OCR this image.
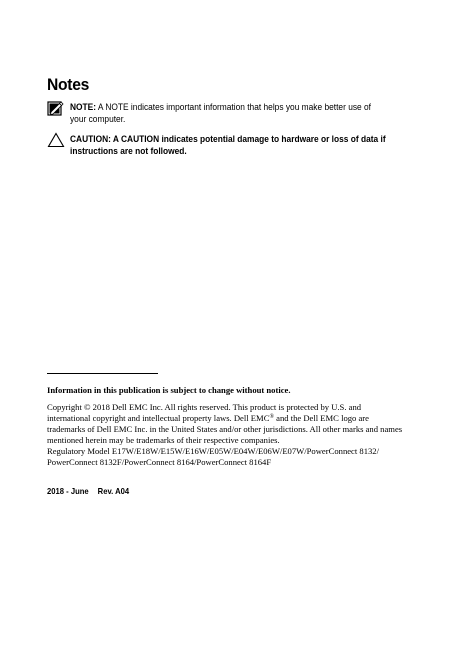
Notes
NOTE: A NOTE indicates important information that helps you make better use of
your computer.
CAUTION: A CAUTION indicates potential damage to hardware or loss of data if
instructions are not followed.
Information in this publication is subject to change without notice.
Copyright © 2018 Dell EMC Inc. All rights reserved. This product is protected by U.S. and
international copyright and intellectual property laws. Dell EMC® and the Dell EMC logo are
trademarks of Dell EMC Inc. in the United States and/or other jurisdictions. All other marks and names
mentioned herein may be trademarks of their respective companies.
Regulatory Model E17W/E18W/E15W/E16W/E05W/E04W/E06W/E07W/PowerConnect 8132/
PowerConnect 8132F/PowerConnect 8164/PowerConnect 8164F
2018 - June Rev. A04
